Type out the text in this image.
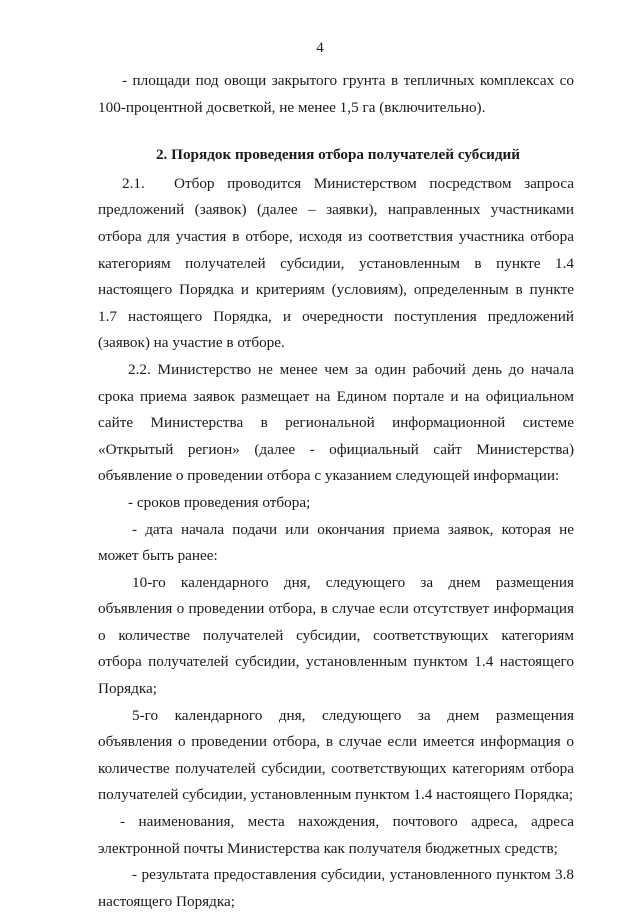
4

- площади под овощи закрытого грунта в тепличных комплексах со 100-процентной досветкой, не менее 1,5 га (включительно).

2. Порядок проведения отбора получателей субсидий

2.1. Отбор проводится Министерством посредством запроса предложений (заявок) (далее – заявки), направленных участниками отбора для участия в отборе, исходя из соответствия участника отбора категориям получателей субсидии, установленным в пункте 1.4 настоящего Порядка и критериям (условиям), определенным в пункте 1.7 настоящего Порядка, и очередности поступления предложений (заявок) на участие в отборе.

2.2. Министерство не менее чем за один рабочий день до начала срока приема заявок размещает на Едином портале и на официальном сайте Министерства в региональной информационной системе «Открытый регион» (далее - официальный сайт Министерства) объявление о проведении отбора с указанием следующей информации:

- сроков проведения отбора;

- дата начала подачи или окончания приема заявок, которая не может быть ранее:

10-го календарного дня, следующего за днем размещения объявления о проведении отбора, в случае если отсутствует информация о количестве получателей субсидии, соответствующих категориям отбора получателей субсидии, установленным пунктом 1.4 настоящего Порядка;

5-го календарного дня, следующего за днем размещения объявления о проведении отбора, в случае если имеется информация о количестве получателей субсидии, соответствующих категориям отбора получателей субсидии, установленным пунктом 1.4 настоящего Порядка;

- наименования, места нахождения, почтового адреса, адреса электронной почты Министерства как получателя бюджетных средств;

- результата предоставления субсидии, установленного пунктом 3.8 настоящего Порядка;
